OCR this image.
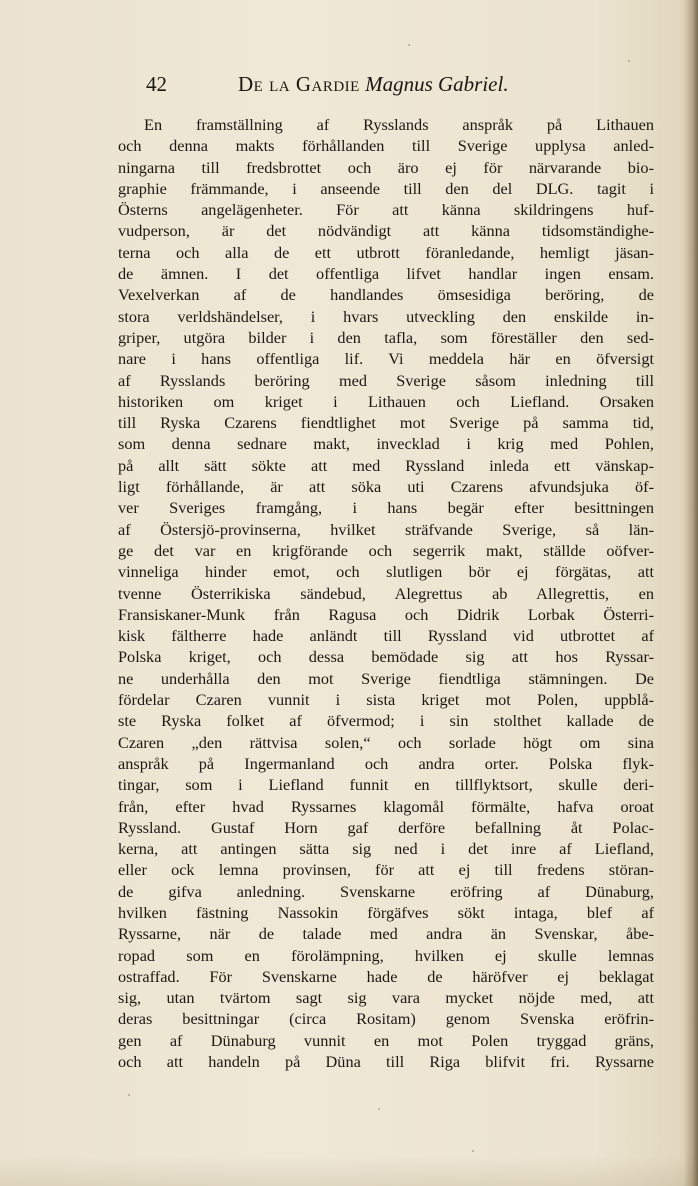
42	De la Gardie Magnus Gabriel.
En framställning af Rysslands anspråk på Lithauen
och denna makts förhållanden till Sverige upplysa anled-
ningarna till fredsbrottet och äro ej för närvarande bio-
graphie främmande, i anseende till den del DLG. tagit i
Österns angelägenheter. För att känna skildringens huf-
vudperson, är det nödvändigt att känna tidsomständighe-
terna och alla de ett utbrott föranledande, hemligt jäsan-
de ämnen. I det offentliga lifvet handlar ingen ensam.
Vexelverkan af de handlandes ömsesidiga beröring, de
stora verldshändelser, i hvars utveckling den enskilde in-
griper, utgöra bilder i den tafla, som föreställer den sed-
nare i hans offentliga lif. Vi meddela här en öfversigt
af Rysslands beröring med Sverige såsom inledning till
historiken om kriget i Lithauen och Liefland. Orsaken
till Ryska Czarens fiendtlighet mot Sverige på samma tid,
som denna sednare makt, invecklad i krig med Pohlen,
på allt sätt sökte att med Ryssland inleda ett vänskap-
ligt förhållande, är att söka uti Czarens afvundsjuka öf-
ver Sveriges framgång, i hans begär efter besittningen
af Östersjö-provinserna, hvilket sträfvande Sverige, så län-
ge det var en krigförande och segerrik makt, ställde oöfver-
vinneliga hinder emot, och slutligen bör ej förgätas, att
tvenne Österrikiska sändebud, Alegrettus ab Allegrettis, en
Fransiskaner-Munk från Ragusa och Didrik Lorbak Österri-
kisk fältherre hade anländt till Ryssland vid utbrottet af
Polska kriget, och dessa bemödade sig att hos Ryssar-
ne underhålla den mot Sverige fiendtliga stämningen. De
fördelar Czaren vunnit i sista kriget mot Polen, uppblå-
ste Ryska folket af öfvermod; i sin stolthet kallade de
Czaren „den rättvisa solen,“ och sorlade högt om sina
anspråk på Ingermanland och andra orter. Polska flyk-
tingar, som i Liefland funnit en tillflyktsort, skulle deri-
från, efter hvad Ryssarnes klagomål förmälte, hafva oroat
Ryssland. Gustaf Horn gaf derföre befallning åt Polac-
kerna, att antingen sätta sig ned i det inre af Liefland,
eller ock lemna provinsen, för att ej till fredens störan-
de gifva anledning. Svenskarne eröfring af Dünaburg,
hvilken fästning Nassokin förgäfves sökt intaga, blef af
Ryssarne, när de talade med andra än Svenskar, åbe-
ropad som en förolämpning, hvilken ej skulle lemnas
ostraffad. För Svenskarne hade de häröfver ej beklagat
sig, utan tvärtom sagt sig vara mycket nöjde med, att
deras besittningar (circa Rositam) genom Svenska eröfrin-
gen af Dünaburg vunnit en mot Polen tryggad gräns,
och att handeln på Düna till Riga blifvit fri. Ryssarne
